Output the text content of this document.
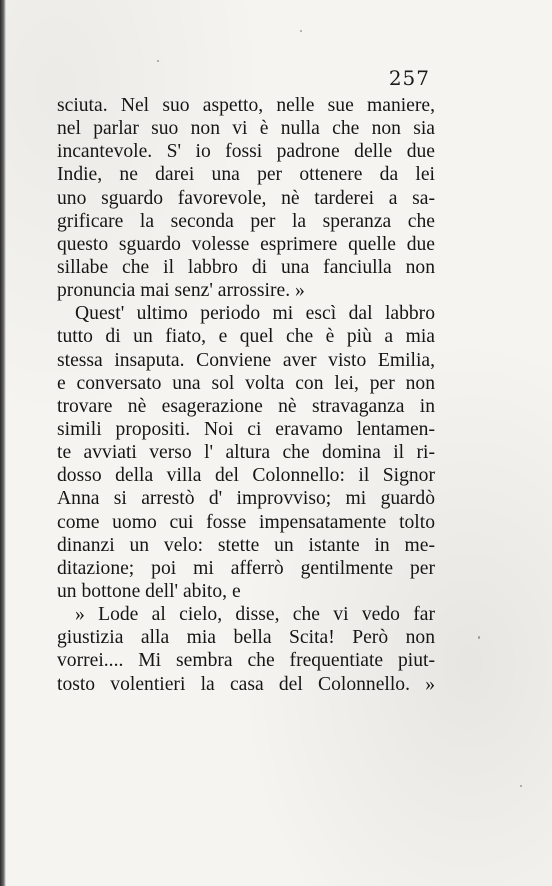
257
sciuta. Nel suo aspetto, nelle sue maniere,
nel parlar suo non vi è nulla che non sia
incantevole. S' io fossi padrone delle due
Indie, ne darei una per ottenere da lei
uno sguardo favorevole, nè tarderei a sa-
grificare la seconda per la speranza che
questo sguardo volesse esprimere quelle due
sillabe che il labbro di una fanciulla non
pronuncia mai senz' arrossire. »
Quest' ultimo periodo mi escì dal labbro
tutto di un fiato, e quel che è più a mia
stessa insaputa. Conviene aver visto Emilia,
e conversato una sol volta con lei, per non
trovare nè esagerazione nè stravaganza in
simili propositi. Noi ci eravamo lentamen-
te avviati verso l' altura che domina il ri-
dosso della villa del Colonnello: il Signor
Anna si arrestò d' improvviso; mi guardò
come uomo cui fosse impensatamente tolto
dinanzi un velo: stette un istante in me-
ditazione; poi mi afferrò gentilmente per
un bottone dell' abito, e
» Lode al cielo, disse, che vi vedo far
giustizia alla mia bella Scita! Però non
vorrei.... Mi sembra che frequentiate piut-
tosto volentieri la casa del Colonnello. »
